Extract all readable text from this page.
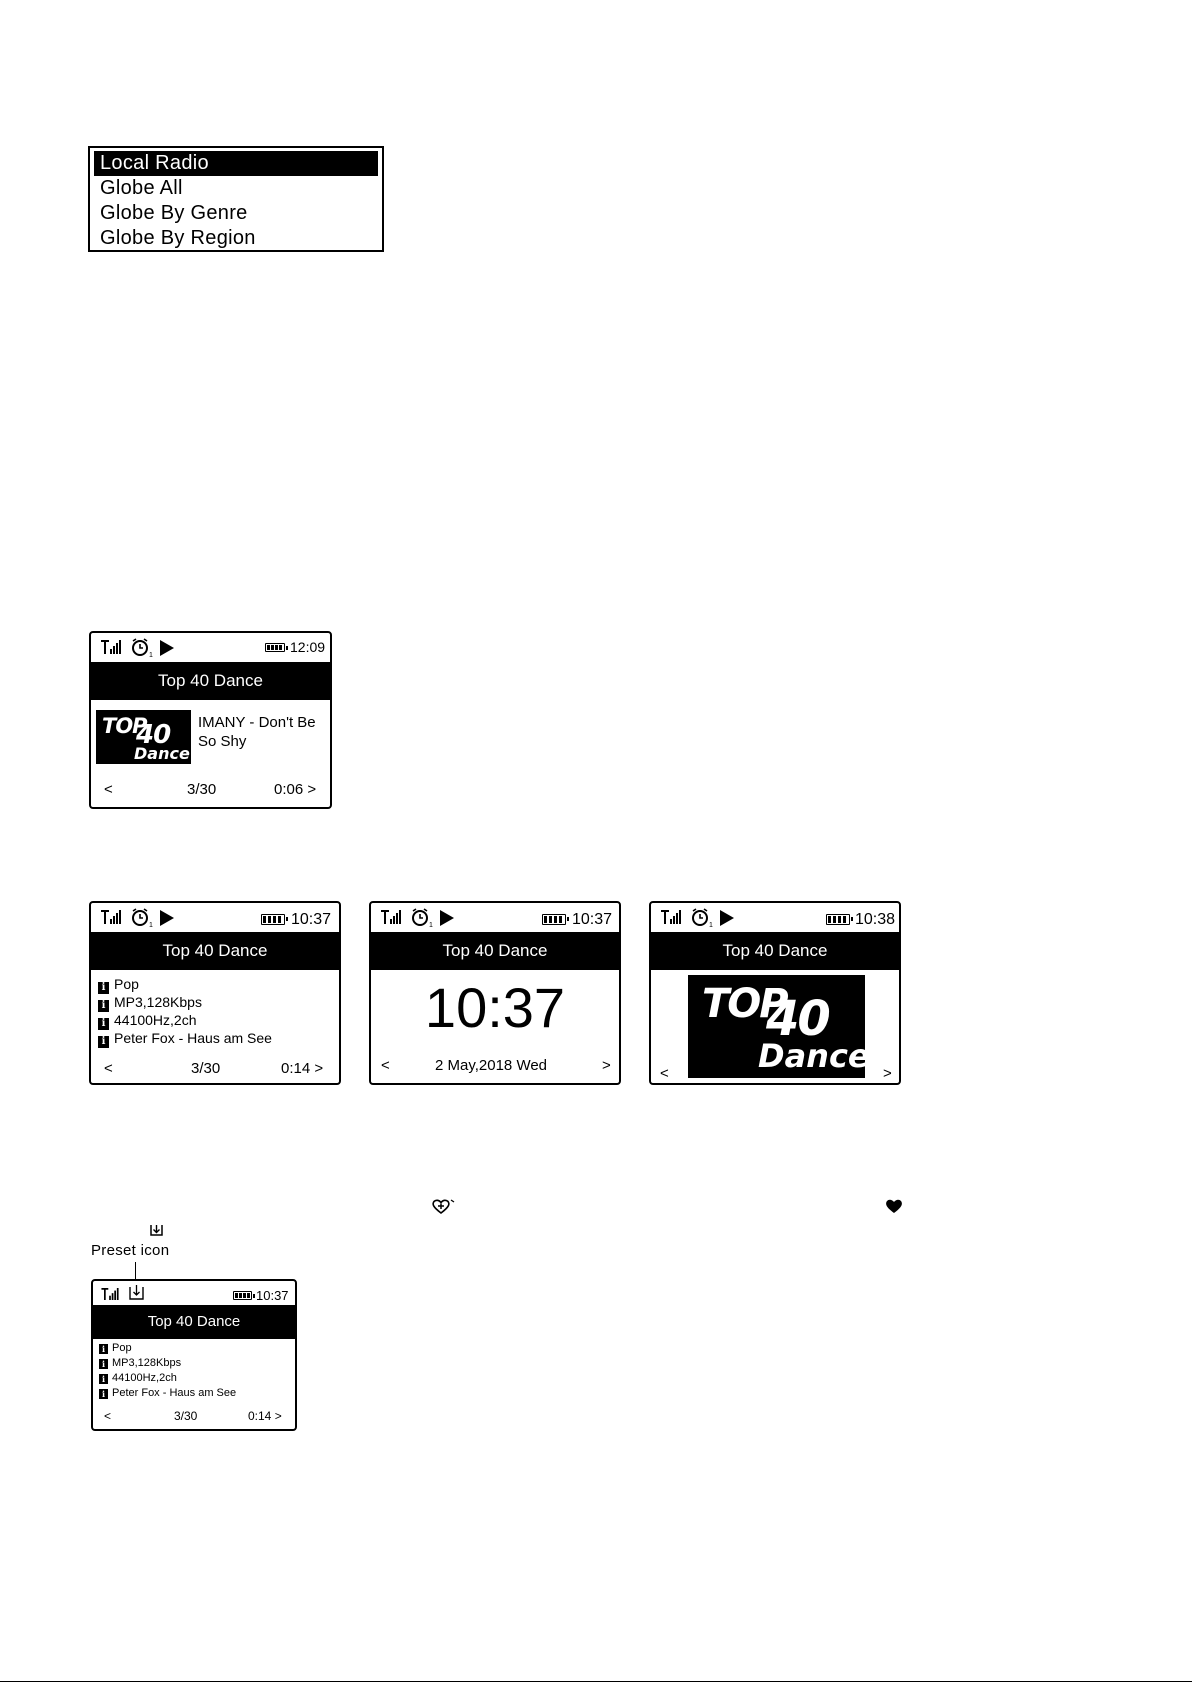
Local Radio
Globe All
Globe By Genre
Globe By Region
1
12:09
Top 40 Dance
TOP
40
Dance
IMANY - Don't Be So Shy
<	3/30	0:06 >
1	10:37
Top 40 Dance
i Pop
i MP3,128Kbps
i 44100Hz,2ch
i Peter Fox - Haus am See
<	3/30	0:14 >
1	10:37
Top 40 Dance
10:37
<	2 May,2018 Wed	>
1	10:38
Top 40 Dance
TOP
40
Dance
<	>
Preset icon
10:37
Top 40 Dance
i Pop
i MP3,128Kbps
i 44100Hz,2ch
i Peter Fox - Haus am See
<	3/30	0:14 >
